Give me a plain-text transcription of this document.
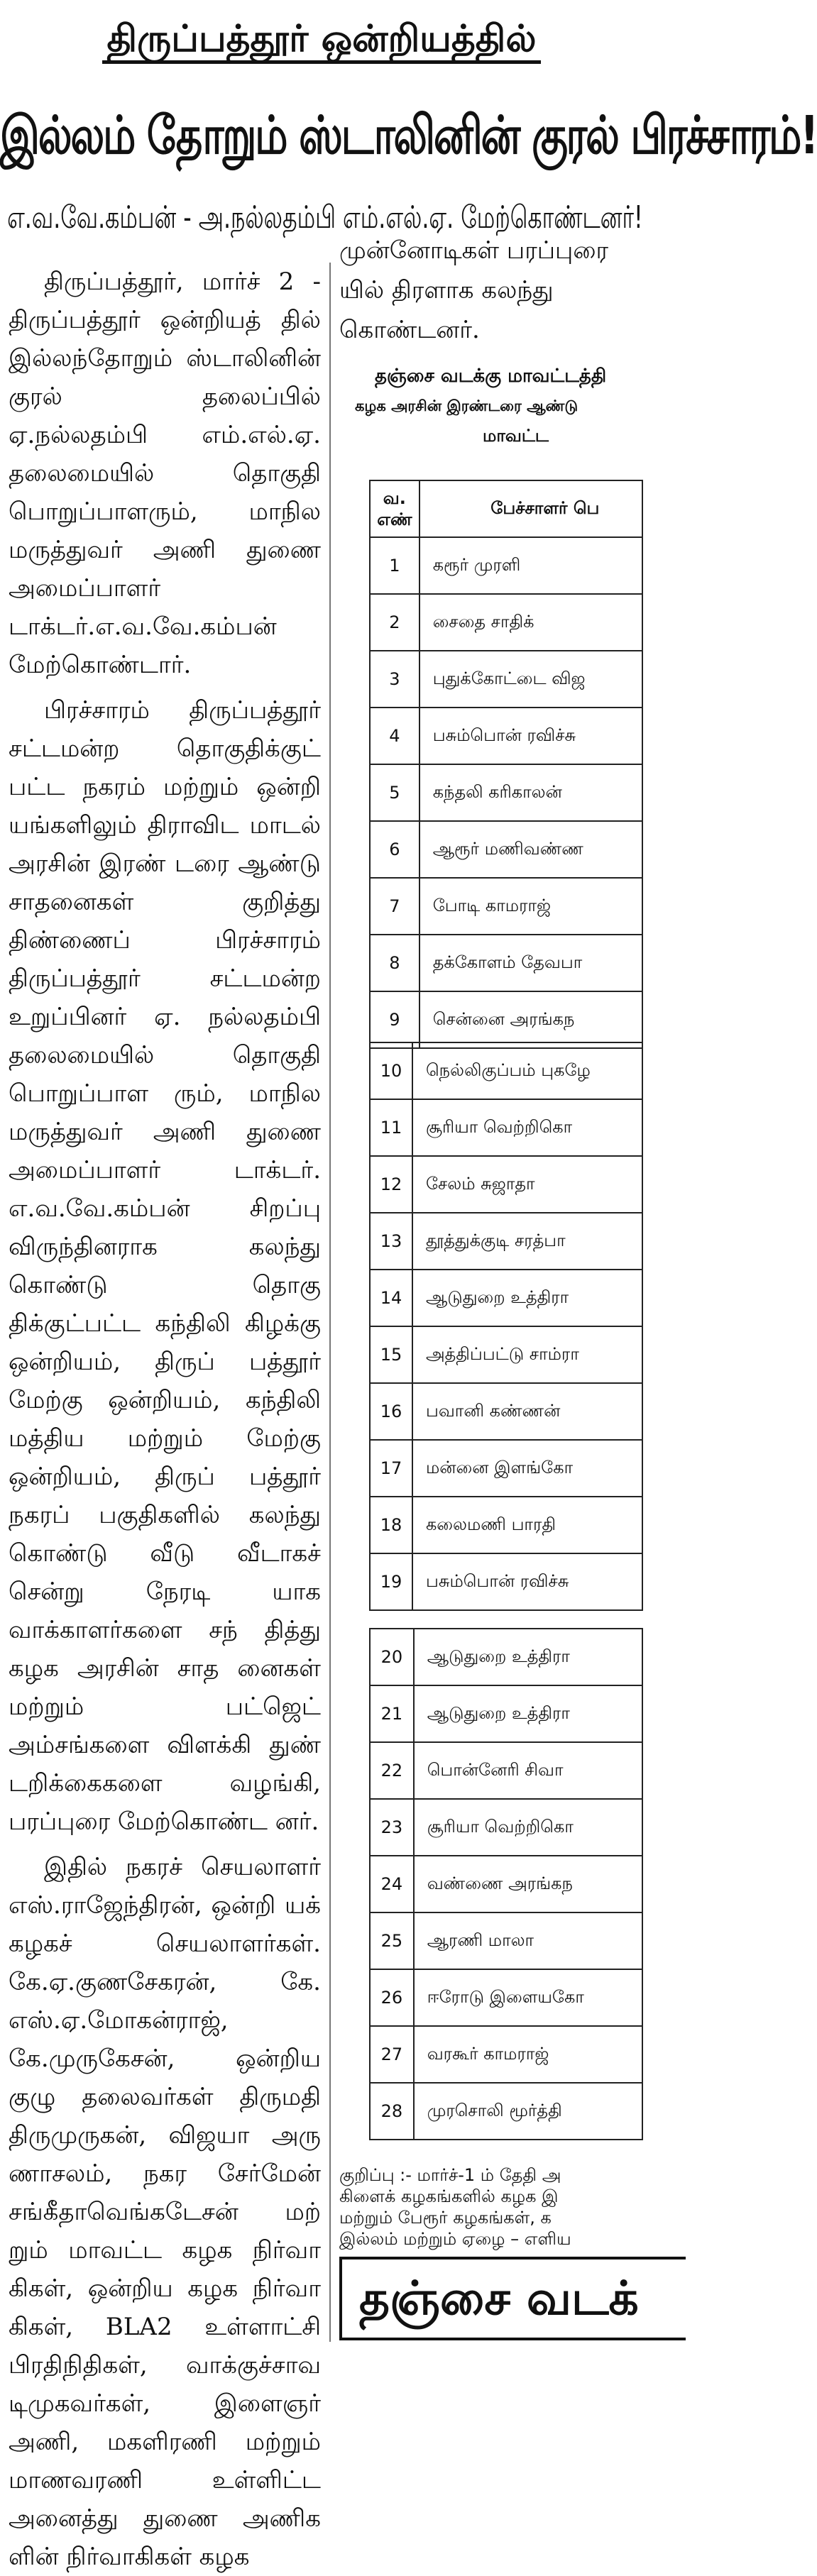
திருப்பத்தூர் ஒன்றியத்தில்
இல்லம் தோறும் ஸ்டாலினின் குரல் பிரச்சாரம்!
எ.வ.வே.கம்பன் - அ.நல்லதம்பி எம்.எல்.ஏ. மேற்கொண்டனர்!

திருப்பத்தூர், மார்ச் 2 - திருப்பத்தூர் ஒன்றியத் தில் இல்லந்தோறும் ஸ்டாலினின் குரல் தலைப்பில் ஏ.நல்லதம்பி எம்.எல்.ஏ. தலைமையில் தொகுதி பொறுப்பாளரும், மாநில மருத்துவர் அணி துணை அமைப்பாளர் டாக்டர்.எ.வ.வே.கம்பன் மேற்கொண்டார்.

பிரச்சாரம் திருப்பத்தூர் சட்டமன்ற தொகுதிக்குட் பட்ட நகரம் மற்றும் ஒன்றி யங்களிலும் திராவிட மாடல் அரசின் இரண் டரை ஆண்டு சாதனைகள் குறித்து திண்ணைப் பிரச்சாரம் திருப்பத்தூர் சட்டமன்ற உறுப்பினர் ஏ. நல்லதம்பி தலைமையில் தொகுதி பொறுப்பாள ரும், மாநில மருத்துவர் அணி துணை அமைப்பாளர் டாக்டர். எ.வ.வே.கம்பன் சிறப்பு விருந்தினராக கலந்து கொண்டு தொகு திக்குட்பட்ட கந்திலி கிழக்கு ஒன்றியம், திருப் பத்தூர் மேற்கு ஒன்றியம், கந்திலி மத்திய மற்றும் மேற்கு ஒன்றியம், திருப் பத்தூர் நகரப் பகுதிகளில் கலந்து கொண்டு வீடு வீடாகச் சென்று நேரடி யாக வாக்காளர்களை சந் தித்து கழக அரசின் சாத னைகள் மற்றும் பட்ஜெட் அம்சங்களை விளக்கி துண் டறிக்கைகளை வழங்கி, பரப்புரை மேற்கொண்ட னர்.

இதில் நகரச் செயலாளர் எஸ்.ராஜேந்திரன், ஒன்றி யக் கழகச் செயலாளர்கள். கே.ஏ.குணசேகரன், கே. எஸ்.ஏ.மோகன்ராஜ், கே.முருகேசன், ஒன்றிய குழு தலைவர்கள் திருமதி திருமுருகன், விஜயா அரு ணாசலம், நகர சேர்மேன் சங்கீதாவெங்கடேசன் மற் றும் மாவட்ட கழக நிர்வா கிகள், ஒன்றிய கழக நிர்வா கிகள், BLA2 உள்ளாட்சி பிரதிநிதிகள், வாக்குச்சாவ டிமுகவர்கள், இளைஞர் அணி, மகளிரணி மற்றும் மாணவரணி உள்ளிட்ட அனைத்து துணை அணிக ளின் நிர்வாகிகள் கழக

முன்னோடிகள் பரப்புரை
யில் திரளாக கலந்து
கொண்டனர்.
தஞ்சை வடக்கு மாவட்டத்தி
கழக அரசின் இரண்டரை ஆண்டு
மாவட்ட
வ. எண்	பேச்சாளர் பெ
1	கரூர் முரளி
2	சைதை சாதிக்
3	புதுக்கோட்டை விஜ
4	பசும்பொன் ரவிச்சு
5	கந்தலி கரிகாலன்
6	ஆரூர் மணிவண்ண
7	போடி காமராஜ்
8	தக்கோளம் தேவபா
9	சென்னை அரங்கந
10	நெல்லிகுப்பம் புகழே
11	சூரியா வெற்றிகொ
12	சேலம் சுஜாதா
13	தூத்துக்குடி சரத்பா
14	ஆடுதுறை உத்திரா
15	அத்திப்பட்டு சாம்ரா
16	பவானி கண்ணன்
17	மன்னை இளங்கோ
18	கலைமணி பாரதி
19	பசும்பொன் ரவிச்சு
20	ஆடுதுறை உத்திரா
21	ஆடுதுறை உத்திரா
22	பொன்னேரி சிவா
23	சூரியா வெற்றிகொ
24	வண்ணை அரங்கந
25	ஆரணி மாலா
26	ஈரோடு இளையகோ
27	வரகூர் காமராஜ்
28	முரசொலி மூர்த்தி
குறிப்பு :- மார்ச்-1 ம் தேதி அ
கிளைக் கழகங்களில் கழக இ
மற்றும் பேரூர் கழகங்கள், க
இல்லம் மற்றும் ஏழை – எளிய
தஞ்சை வடக்
